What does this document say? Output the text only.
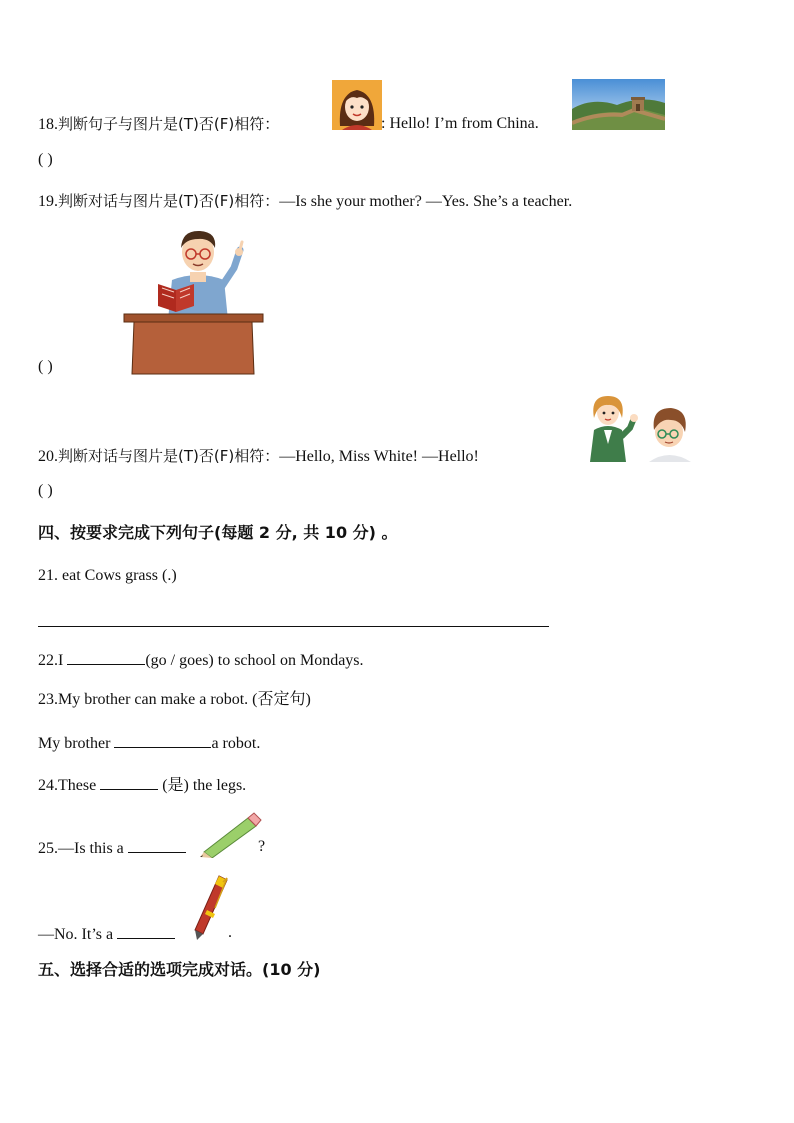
18.判断句子与图片是(T)否(F)相符：	: Hello! I’m from China.
( )
19.判断对话与图片是(T)否(F)相符：—Is she your mother? —Yes. She’s a teacher.
( )
20.判断对话与图片是(T)否(F)相符：—Hello, Miss White! —Hello!
( )
四、按要求完成下列句子(每题 2 分, 共 10 分) 。
21. eat Cows grass (.)
22.I	(go / goes) to school on Mondays.
23.My brother can make a robot. (否定句)
My brother	a robot.
24.These	(是) the legs.
25.—Is this a	?
—No. It’s a	.
五、选择合适的选项完成对话。(10 分)
